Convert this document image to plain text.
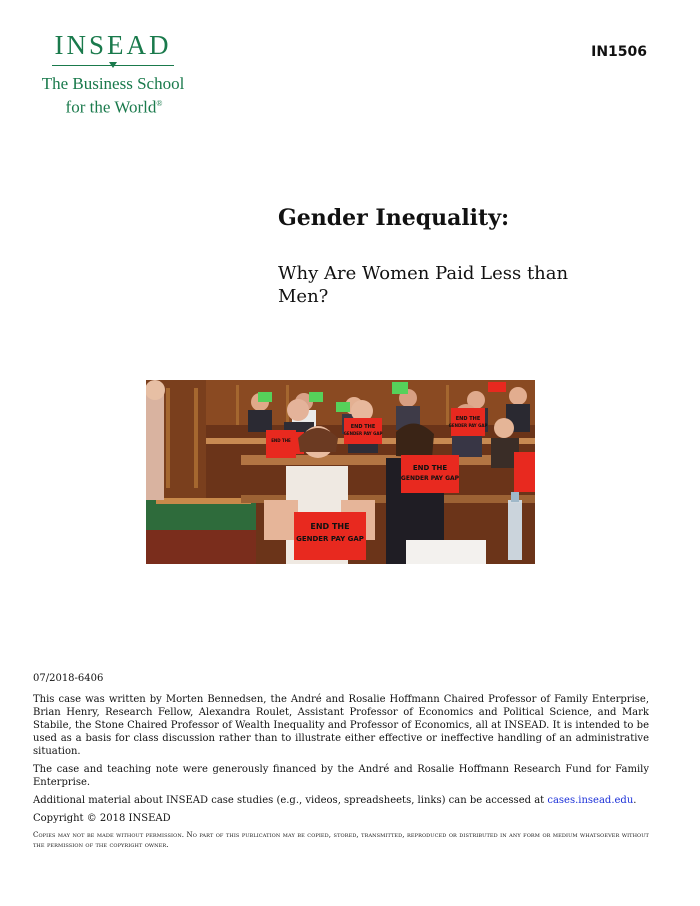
INSEAD
The Business School
for the World®
IN1506
Gender Inequality:
Why Are Women Paid Less than Men?
END THE
GENDER PAY GAP
END THE
GENDER PAY GAP
END THE
END THE
GENDER PAY GAP
END THE
GENDER PAY GAP

07/2018-6406

This case was written by Morten Bennedsen, the André and Rosalie Hoffmann Chaired Professor of Family Enterprise, Brian Henry, Research Fellow, Alexandra Roulet, Assistant Professor of Economics and Political Science, and Mark Stabile, the Stone Chaired Professor of Wealth Inequality and Professor of Economics, all at INSEAD. It is intended to be used as a basis for class discussion rather than to illustrate either effective or ineffective handling of an administrative situation.

The case and teaching note were generously financed by the André and Rosalie Hoffmann Research Fund for Family Enterprise.

Additional material about INSEAD case studies (e.g., videos, spreadsheets, links) can be accessed at cases.insead.edu.

Copyright © 2018 INSEAD

Copies may not be made without permission. No part of this publication may be copied, stored, transmitted, reproduced or distributed in any form or medium whatsoever without the permission of the copyright owner.
